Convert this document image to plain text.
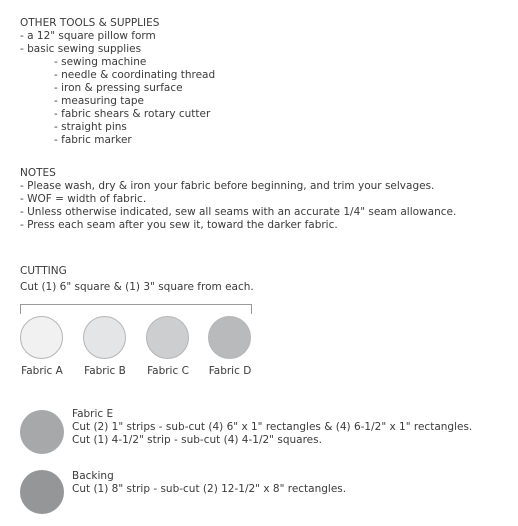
OTHER TOOLS & SUPPLIES
- a 12" square pillow form
- basic sewing supplies
- sewing machine
- needle & coordinating thread
- iron & pressing surface
- measuring tape
- fabric shears & rotary cutter
- straight pins
- fabric marker
NOTES
- Please wash, dry & iron your fabric before beginning, and trim your selvages.
- WOF = width of fabric.
- Unless otherwise indicated, sew all seams with an accurate 1/4" seam allowance.
- Press each seam after you sew it, toward the darker fabric.
CUTTING
Cut (1) 6" square & (1) 3" square from each.
Fabric A	Fabric B	Fabric C	Fabric D
Fabric E
Cut (2) 1" strips - sub-cut (4) 6" x 1" rectangles & (4) 6-1/2" x 1" rectangles.
Cut (1) 4-1/2" strip - sub-cut (4) 4-1/2" squares.
Backing
Cut (1) 8" strip - sub-cut (2) 12-1/2" x 8" rectangles.
